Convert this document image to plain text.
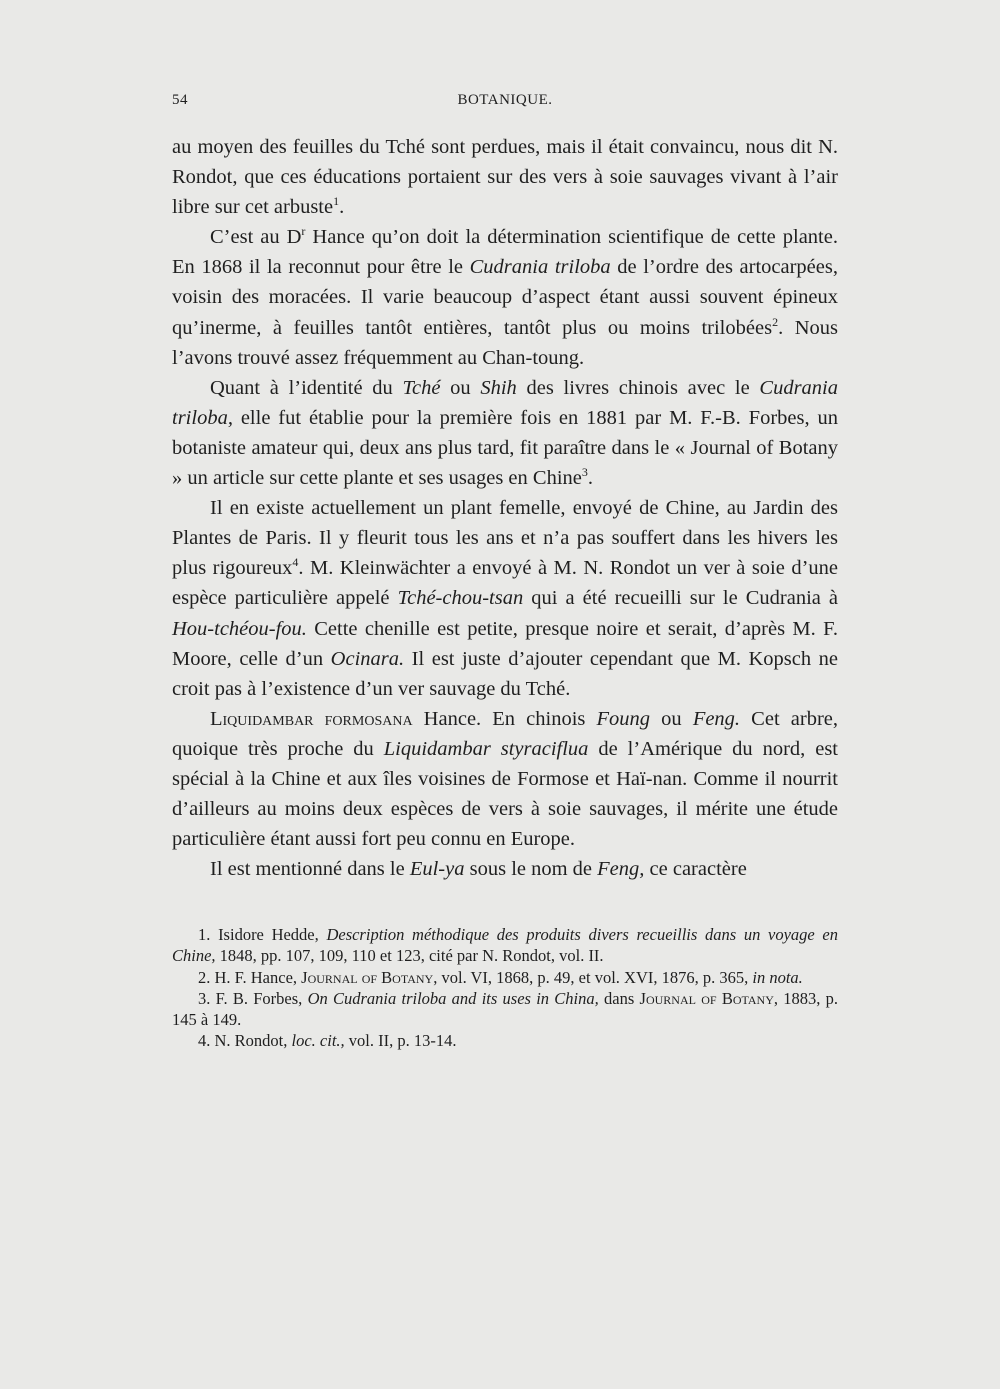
54	BOTANIQUE.

au moyen des feuilles du Tché sont perdues, mais il était convaincu, nous dit N. Rondot, que ces éducations portaient sur des vers à soie sauvages vivant à l’air libre sur cet arbuste$^1$.

C’est au $D^r$ Hance qu’on doit la détermination scientifique de cette plante. En 1868 il la reconnut pour être le Cudrania triloba de l’ordre des artocarpées, voisin des moracées. Il varie beaucoup d’aspect étant aussi souvent épineux qu’inerme, à feuilles tantôt entières, tantôt plus ou moins trilobées$^2$. Nous l’avons trouvé assez fréquemment au Chan-toung.

Quant à l’identité du Tché ou Shih des livres chinois avec le Cudrania triloba, elle fut établie pour la première fois en 1881 par M. F.-B. Forbes, un botaniste amateur qui, deux ans plus tard, fit paraître dans le « Journal of Botany » un article sur cette plante et ses usages en Chine$^3$.

Il en existe actuellement un plant femelle, envoyé de Chine, au Jardin des Plantes de Paris. Il y fleurit tous les ans et n’a pas souffert dans les hivers les plus rigoureux$^4$. M. Kleinwächter a envoyé à M. N. Rondot un ver à soie d’une espèce particulière appelé Tché-chou-tsan qui a été recueilli sur le Cudrania à Hou-tchéou-fou. Cette chenille est petite, presque noire et serait, d’après M. F. Moore, celle d’un Ocinara. Il est juste d’ajouter cependant que M. Kopsch ne croit pas à l’existence d’un ver sauvage du Tché.

Liquidambar formosana Hance. En chinois Foung ou Feng. Cet arbre, quoique très proche du Liquidambar styraciflua de l’Amérique du nord, est spécial à la Chine et aux îles voisines de Formose et Haï-nan. Comme il nourrit d’ailleurs au moins deux espèces de vers à soie sauvages, il mérite une étude particulière étant aussi fort peu connu en Europe.

Il est mentionné dans le Eul-ya sous le nom de Feng, ce caractère

1. Isidore Hedde, Description méthodique des produits divers recueillis dans un voyage en Chine, 1848, pp. 107, 109, 110 et 123, cité par N. Rondot, vol. II.

2. H. F. Hance, Journal of Botany, vol. VI, 1868, p. 49, et vol. XVI, 1876, p. 365, in nota.

3. F. B. Forbes, On Cudrania triloba and its uses in China, dans Journal of Botany, 1883, p. 145 à 149.

4. N. Rondot, loc. cit., vol. II, p. 13-14.
